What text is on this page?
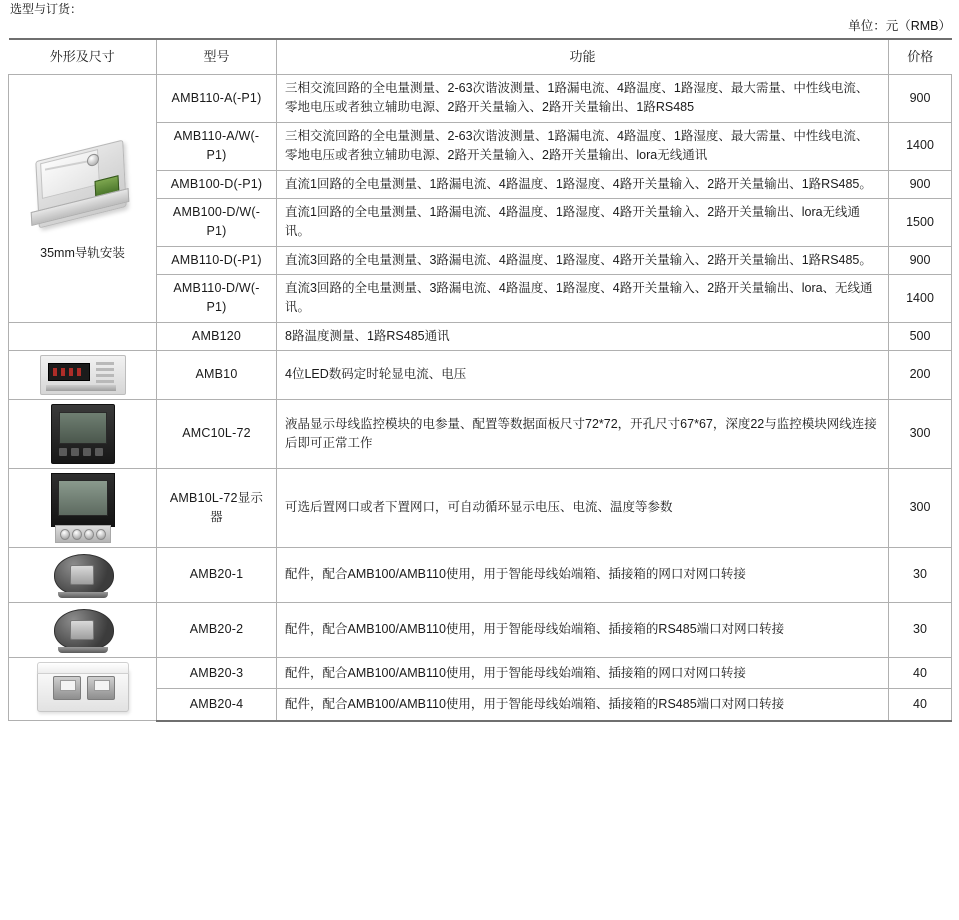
选型与订货：
单位：元（RMB）
外形及尺寸	型号	功能	价格

35mm导轨安装	AMB110-A(-P1)	三相交流回路的全电量测量、2-63次谐波测量、1路漏电流、4路温度、1路湿度、最大需量、中性线电流、零地电压或者独立辅助电源、2路开关量输入、2路开关量输出、1路RS485	900
	AMB110-A/W(-P1)	三相交流回路的全电量测量、2-63次谐波测量、1路漏电流、4路温度、1路湿度、最大需量、中性线电流、零地电压或者独立辅助电源、2路开关量输入、2路开关量输出、lora无线通讯	1400
	AMB100-D(-P1)	直流1回路的全电量测量、1路漏电流、4路温度、1路湿度、4路开关量输入、2路开关量输出、1路RS485。	900
	AMB100-D/W(-P1)	直流1回路的全电量测量、1路漏电流、4路温度、1路湿度、4路开关量输入、2路开关量输出、lora无线通讯。	1500
	AMB110-D(-P1)	直流3回路的全电量测量、3路漏电流、4路温度、1路湿度、4路开关量输入、2路开关量输出、1路RS485。	900
	AMB110-D/W(-P1)	直流3回路的全电量测量、3路漏电流、4路温度、1路湿度、4路开关量输入、2路开关量输出、lora、无线通讯。	1400
	AMB120	8路温度测量、1路RS485通讯	500

	AMB10	4位LED数码定时轮显电流、电压	200

	AMC10L-72	液晶显示母线监控模块的电参量、配置等数据面板尺寸72*72，开孔尺寸67*67，深度22与监控模块网线连接后即可正常工作	300

	AMB10L-72显示器	可选后置网口或者下置网口，可自动循环显示电压、电流、温度等参数	300

	AMB20-1	配件，配合AMB100/AMB110使用，用于智能母线始端箱、插接箱的网口对网口转接	30

	AMB20-2	配件，配合AMB100/AMB110使用，用于智能母线始端箱、插接箱的RS485端口对网口转接	30

	AMB20-3	配件，配合AMB100/AMB110使用，用于智能母线始端箱、插接箱的网口对网口转接	40
	AMB20-4	配件，配合AMB100/AMB110使用，用于智能母线始端箱、插接箱的RS485端口对网口转接	40
